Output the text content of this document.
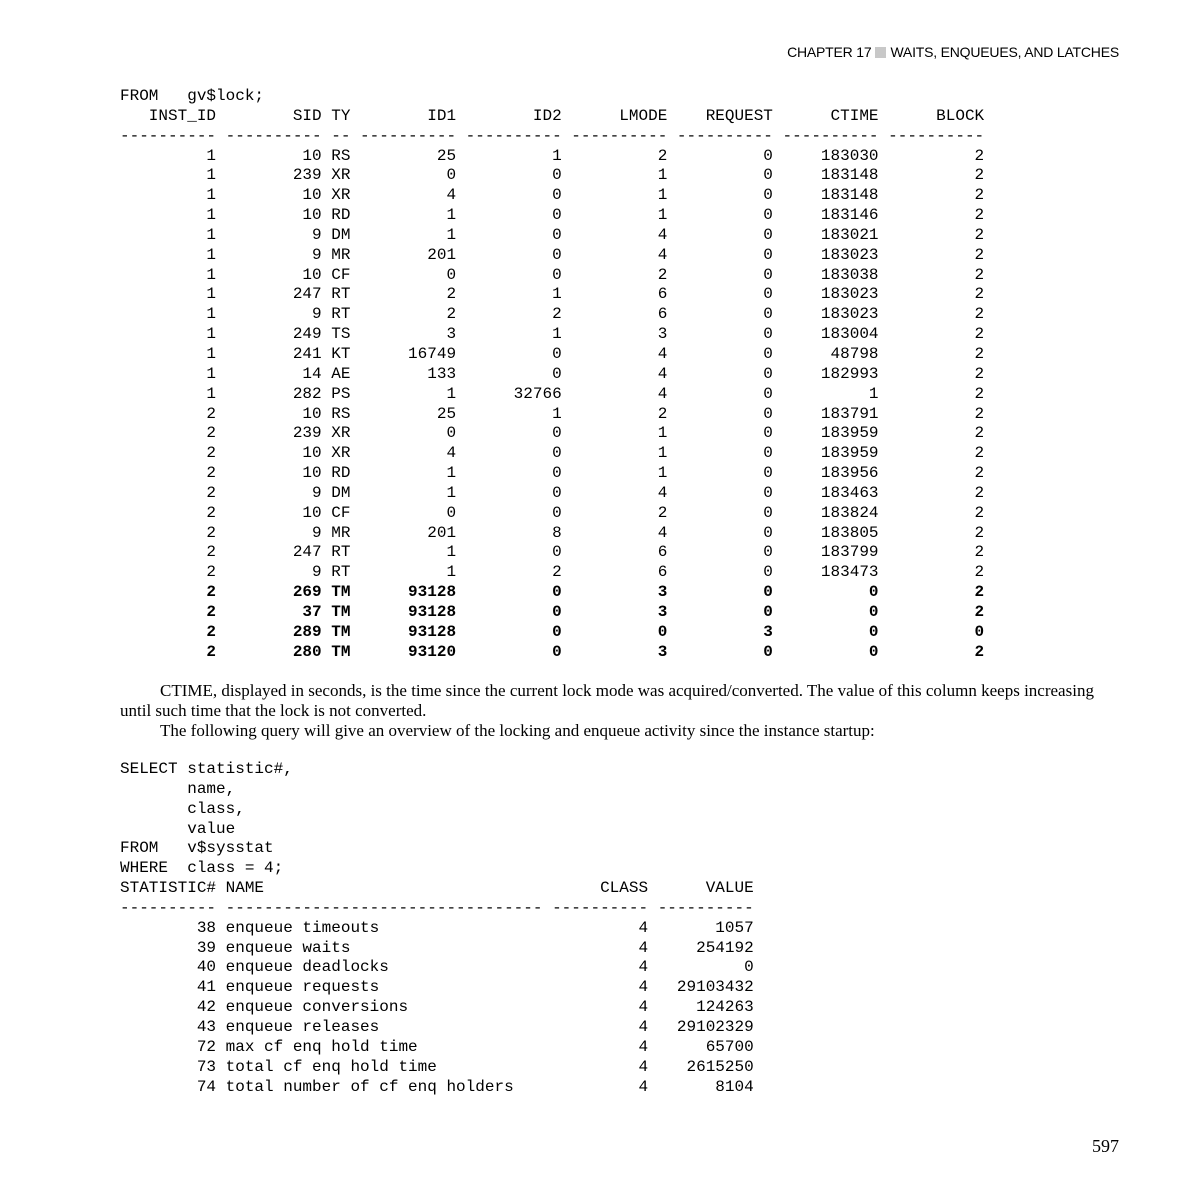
CHAPTER 17 WAITS, ENQUEUES, AND LATCHES
FROM   gv$lock;
INST_ID        SID TY        ID1        ID2      LMODE    REQUEST      CTIME      BLOCK
---------- ---------- -- ---------- ---------- ---------- ---------- ---------- ----------
1         10 RS         25          1          2          0     183030          2
1        239 XR          0          0          1          0     183148          2
1         10 XR          4          0          1          0     183148          2
1         10 RD          1          0          1          0     183146          2
1          9 DM          1          0          4          0     183021          2
1          9 MR        201          0          4          0     183023          2
1         10 CF          0          0          2          0     183038          2
1        247 RT          2          1          6          0     183023          2
1          9 RT          2          2          6          0     183023          2
1        249 TS          3          1          3          0     183004          2
1        241 KT      16749          0          4          0      48798          2
1         14 AE        133          0          4          0     182993          2
1        282 PS          1      32766          4          0          1          2
2         10 RS         25          1          2          0     183791          2
2        239 XR          0          0          1          0     183959          2
2         10 XR          4          0          1          0     183959          2
2         10 RD          1          0          1          0     183956          2
2          9 DM          1          0          4          0     183463          2
2         10 CF          0          0          2          0     183824          2
2          9 MR        201          8          4          0     183805          2
2        247 RT          1          0          6          0     183799          2
2          9 RT          1          2          6          0     183473          2
2        269 TM      93128          0          3          0          0          2
2         37 TM      93128          0          3          0          0          2
2        289 TM      93128          0          0          3          0          0
2        280 TM      93120          0          3          0          0          2

CTIME, displayed in seconds, is the time since the current lock mode was acquired/converted. The value of this column keeps increasing until such time that the lock is not converted.

The following query will give an overview of the locking and enqueue activity since the instance startup:

SELECT statistic#,
name,
class,
value
FROM   v$sysstat
WHERE  class = 4;
STATISTIC# NAME                                   CLASS      VALUE
---------- --------------------------------- ---------- ----------
38 enqueue timeouts                           4       1057
39 enqueue waits                              4     254192
40 enqueue deadlocks                          4          0
41 enqueue requests                           4   29103432
42 enqueue conversions                        4     124263
43 enqueue releases                           4   29102329
72 max cf enq hold time                       4      65700
73 total cf enq hold time                     4    2615250
74 total number of cf enq holders             4       8104

597
